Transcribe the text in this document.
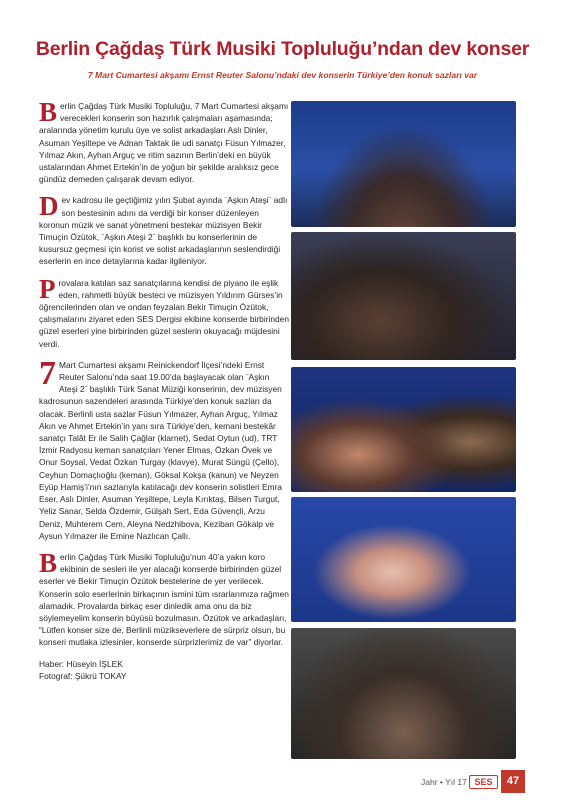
Berlin Çağdaş Türk Musiki Topluluğu’ndan dev konser
7 Mart Cumartesi akşamı Ernst Reuter Salonu’ndaki dev konserin Türkiye’den konuk sazları var

Berlin Çağdaş Türk Musiki Topluluğu, 7 Mart Cumartesi akşamı verecekleri konserin son hazırlık çalışmaları aşamasında; aralarında yönetim kurulu üye ve solist arkadaşları Aslı Dinler, Asuman Yeşiltepe ve Adnan Taktak ile udi sanatçı Füsun Yılmazer, Yılmaz Akın, Ayhan Arguç ve ritim sazının Berlin’deki en büyük ustalarından Ahmet Ertekin’in de yoğun bir şekilde aralıksız gece gündüz demeden çalışarak devam ediyor.

Dev kadrosu ile geçtiğimiz yılın Şubat ayında ¨Aşkın Ateşi¨ adlı son bestesinin adını da verdiği bir konser düzenleyen koronun müzik ve sanat yönetmeni bestekar müzisyen Bekir Timuçin Özütok, ¨Aşkın Ateşi 2¨ başlıklı bu konserlerinin de kusursuz geçmesi için korist ve solist arkadaşlarının seslendirdiği eserlerin en ince detaylarına kadar ilgileniyor.

Provalara katılan saz sanatçılarına kendisi de piyano ile eşlik eden, rahmetli büyük besteci ve müzisyen Yıldırım Gürses’in öğrencilerinden olan ve ondan feyzalan Bekir Timuçin Özütok, çalışmalarını ziyaret eden SES Dergisi ekibine konserde birbirinden güzel eserleri yine birbirinden güzel seslerin okuyacağı müjdesini verdi.

7 Mart Cumartesi akşamı Reinickendorf İlçesi’ndeki Ernst Reuter Salonu’nda saat 19.00’da başlayacak olan ¨Aşkın Ateşi 2¨ başlıklı Türk Sanat Müziği konserinin, dev müzisyen kadrosunun sazendeleri arasında Türkiye’den konuk sazları da olacak. Berlinli usta sazlar Füsun Yılmazer, Ayhan Arguç, Yılmaz Akın ve Ahmet Ertekin’in yanı sıra Türkiye’den, kemani bestekâr sanatçı Talât Er ile Salih Çağlar (klarnet), Sedat Oytun (ud), TRT İzmir Radyosu keman sanatçıları Yener Elmas, Özkan Övek ve Onur Soysal, Vedat Özkan Turgay (klavye), Murat Süngü (Çello), Ceyhun Domaçlıoğlu (keman), Göksal Kokşa (kanun) ve Neyzen Eyüp Hamiş’i’nın sazlarıyla katılacağı dev konserin solistleri Emra Eser, Aslı Dinler, Asuman Yeşiltepe, Leyla Kırıktaş, Bilsen Turgut, Yeliz Sanar, Selda Özdemir, Gülşah Sert, Eda Güvençli, Arzu Deniz, Muhterem Cem, Aleyna Nedzhibova, Keziban Gökalp ve Aysun Yılmazer ile Emine Nazlıcan Çallı.

Berlin Çağdaş Türk Musiki Topluluğu’nun 40’a yakın koro ekibinin de sesleri ile yer alacağı konserde birbirinden güzel eserler ve Bekir Timuçin Özütok bestelerine de yer verilecek. Konserin solo eserlerinin birkaçının ismini tüm ısrarlarımıza rağmen alamadık. Provalarda birkaç eser dinledik ama onu da biz söylemeyelim konserin büyüsü bozulmasın. Özütok ve arkadaşları, “Lütfen konser size de, Berlinli müzikseverlere de sürpriz olsun, bu konseri mutlaka izlesinler, konserde sürprizlerimiz de var” diyorlar.

Haber: Hüseyin İŞLEK
Fotograf: Şükrü TOKAY
Jahr • Yıl 17 SES	47
